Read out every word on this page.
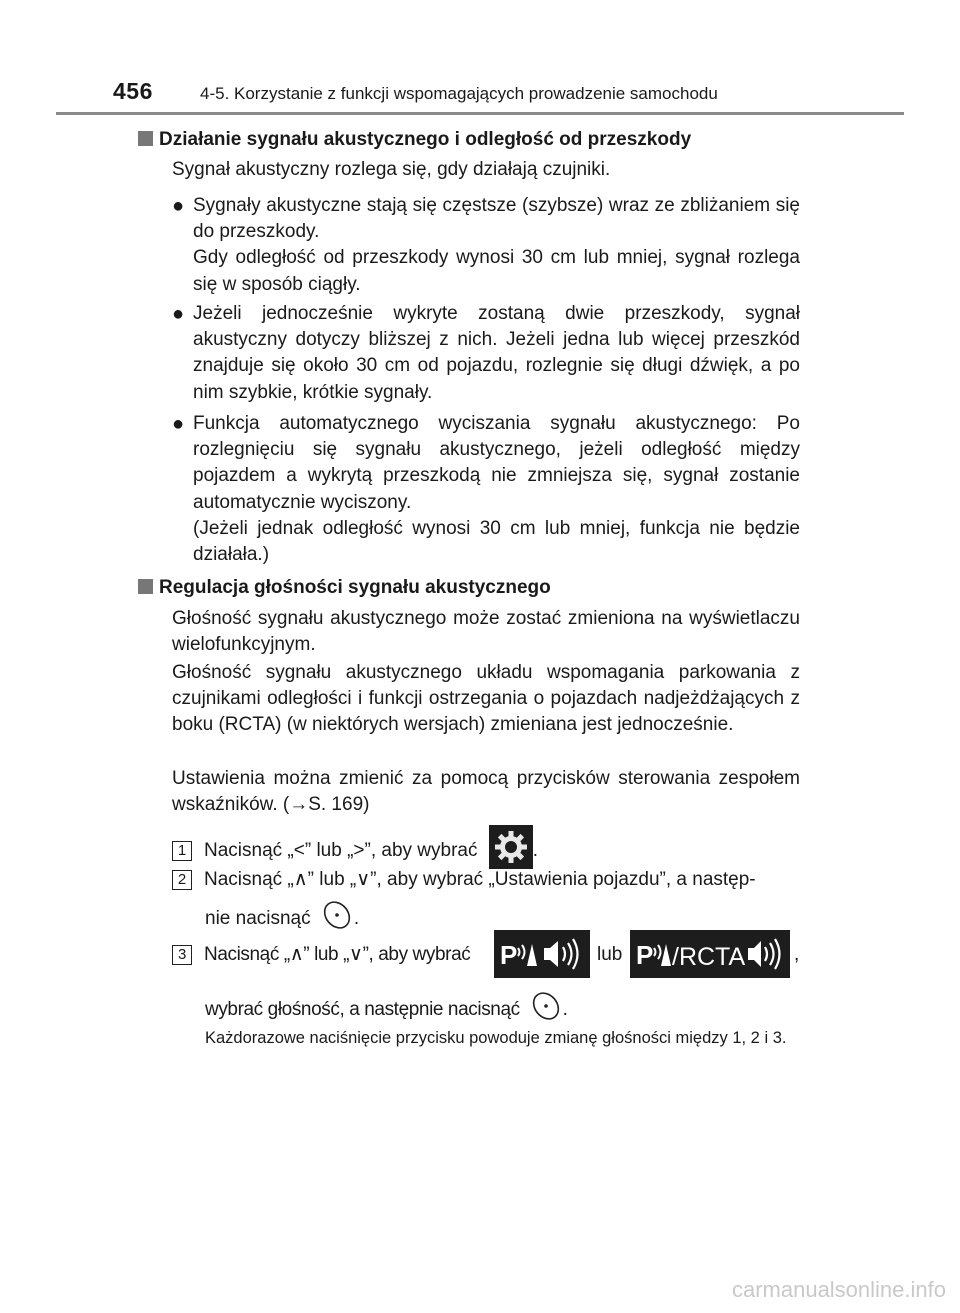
456	4-5. Korzystanie z funkcji wspomagających prowadzenie samochodu
Działanie sygnału akustycznego i odległość od przeszkody
Sygnał akustyczny rozlega się, gdy działają czujniki.
● Sygnały akustyczne stają się częstsze (szybsze) wraz ze zbliżaniem się do przeszkody.
Gdy odległość od przeszkody wynosi 30 cm lub mniej, sygnał rozlega się w sposób ciągły.
● Jeżeli jednocześnie wykryte zostaną dwie przeszkody, sygnał akustyczny dotyczy bliższej z nich. Jeżeli jedna lub więcej przeszkód znajduje się około 30 cm od pojazdu, rozlegnie się długi dźwięk, a po nim szybkie, krótkie sygnały.
● Funkcja automatycznego wyciszania sygnału akustycznego: Po rozlegnięciu się sygnału akustycznego, jeżeli odległość między pojazdem a wykrytą przeszkodą nie zmniejsza się, sygnał zostanie automatycznie wyciszony.
(Jeżeli jednak odległość wynosi 30 cm lub mniej, funkcja nie będzie działała.)
Regulacja głośności sygnału akustycznego
Głośność sygnału akustycznego może zostać zmieniona na wyświetlaczu wielofunkcyjnym.
Głośność sygnału akustycznego układu wspomagania parkowania z czujnikami odległości i funkcji ostrzegania o pojazdach nadjeżdżających z boku (RCTA) (w niektórych wersjach) zmieniana jest jednocześnie.
Ustawienia można zmienić za pomocą przycisków sterowania zespołem wskaźników. (→S. 169)
1 Nacisnąć „<” lub „>”, aby wybrać	.
2 Nacisnąć „∧” lub „∨”, aby wybrać „Ustawienia pojazdu”, a następ-
nie nacisnąć .
3 Nacisnąć „∧” lub „∨”, aby wybrać	P	lub P /RCTA	,
wybrać głośność, a następnie nacisnąć .
Każdorazowe naciśnięcie przycisku powoduje zmianę głośności między 1, 2 i 3.
carmanualsonline.info
